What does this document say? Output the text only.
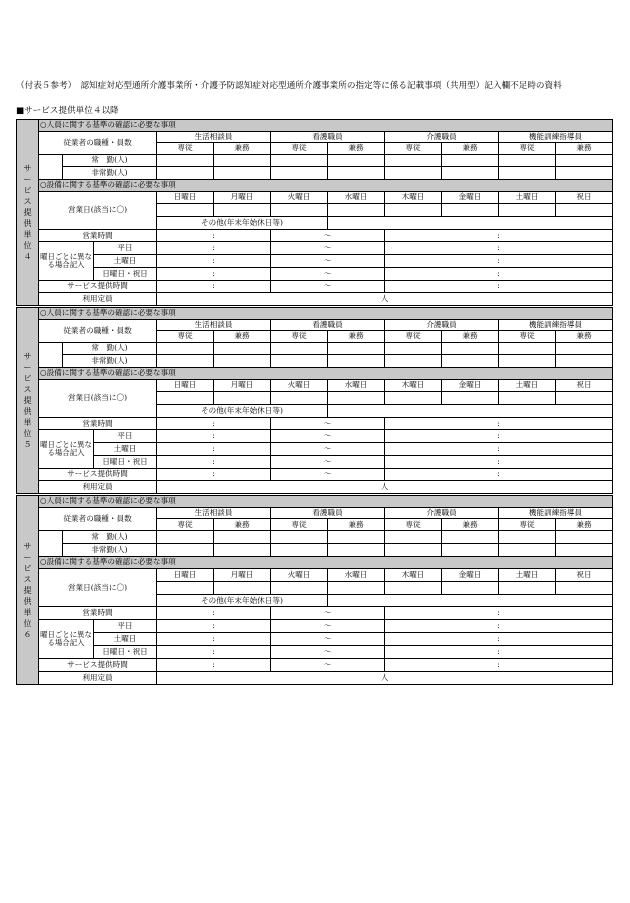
（付表５参考）　認知症対応型通所介護事業所・介護予防認知症対応型通所介護事業所の指定等に係る記載事項（共用型）記入欄不足時の資料
■サービス提供単位４以降
サービス提供単位４	○人員に関する基準の確認に必要な事項										
	従業者の職種・員数			生活相談員		看護職員		介護職員		機能訓練指導員	
				専従	兼務	専従	兼務	専従	兼務	専従	兼務
		常　勤(人)									
		非常勤(人)									
	○設備に関する基準の確認に必要な事項										
	営業日(該当に〇)			日曜日	月曜日	火曜日	水曜日	木曜日	金曜日	土曜日	祝日

				その他(年末年始休日等)							
	営業時間			:		～		:			
	曜日ごとに異なる場合記入		平日	:		～		:			
			土曜日	:		～		:			
			日曜日・祝日	:		～		:			
	サービス提供時間			:		～		:			
	利用定員			人							
サービス提供単位５	○人員に関する基準の確認に必要な事項										
	従業者の職種・員数			生活相談員		看護職員		介護職員		機能訓練指導員	
				専従	兼務	専従	兼務	専従	兼務	専従	兼務
		常　勤(人)									
		非常勤(人)									
	○設備に関する基準の確認に必要な事項										
	営業日(該当に〇)			日曜日	月曜日	火曜日	水曜日	木曜日	金曜日	土曜日	祝日

				その他(年末年始休日等)							
	営業時間			:		～		:			
	曜日ごとに異なる場合記入		平日	:		～		:			
			土曜日	:		～		:			
			日曜日・祝日	:		～		:			
	サービス提供時間			:		～		:			
	利用定員			人							
サービス提供単位６	○人員に関する基準の確認に必要な事項										
	従業者の職種・員数			生活相談員		看護職員		介護職員		機能訓練指導員	
				専従	兼務	専従	兼務	専従	兼務	専従	兼務
		常　勤(人)									
		非常勤(人)									
	○設備に関する基準の確認に必要な事項										
	営業日(該当に〇)			日曜日	月曜日	火曜日	水曜日	木曜日	金曜日	土曜日	祝日

				その他(年末年始休日等)							
	営業時間			:		～		:			
	曜日ごとに異なる場合記入		平日	:		～		:			
			土曜日	:		～		:			
			日曜日・祝日	:		～		:			
	サービス提供時間			:		～		:			
	利用定員			人							
